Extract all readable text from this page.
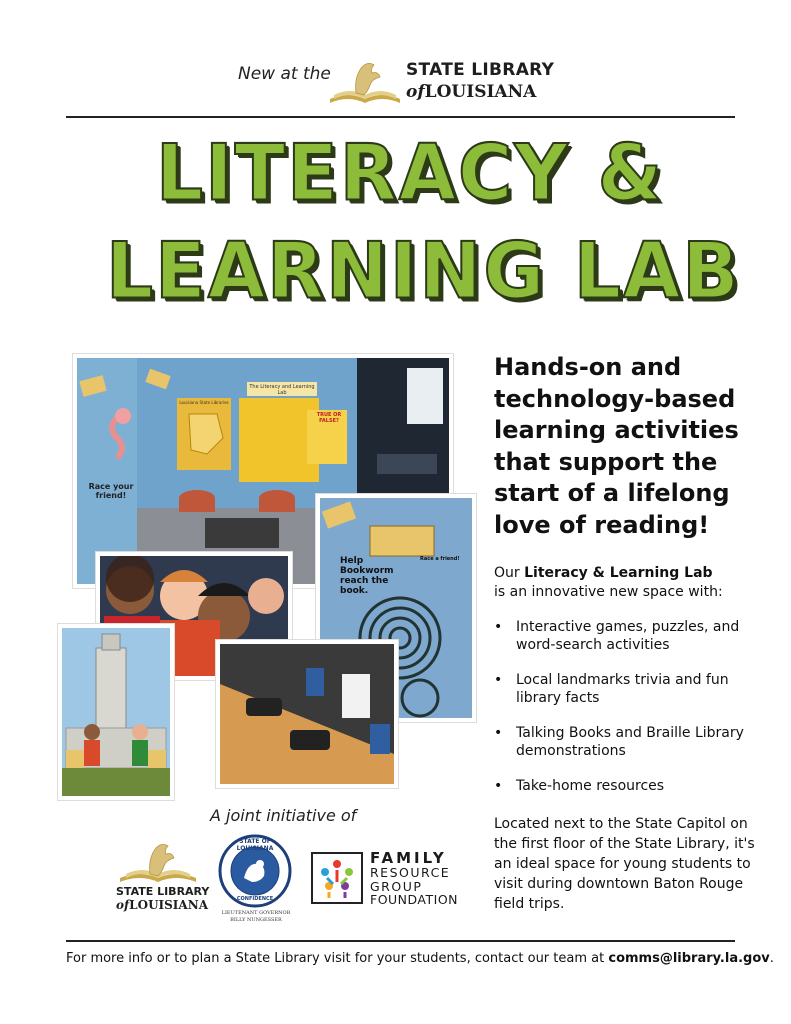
New at the	STATE LIBRARY
ofLOUISIANA
LITERACY &
LEARNING LAB
The Literacy and Learning Lab
Louisiana State Libraries
TRUE OR FALSE?
Race your friend!
Help Bookworm reach the book.
Race a friend!
Hands-on and technology-based learning activities that support the start of a lifelong love of reading!
Our Literacy & Learning Lab
is an innovative new space with:
• Interactive games, puzzles, and word-search activities
• Local landmarks trivia and fun library facts
• Talking Books and Braille Library demonstrations
• Take-home resources
Located next to the State Capitol on the first floor of the State Library, it's an ideal space for young students to visit during downtown Baton Rouge field trips.
A joint initiative of
STATE LIBRARY
ofLOUISIANA
STATE OF LOUISIANA
CONFIDENCE
LIEUTENANT GOVERNOR
BILLY NUNGESSER
FAMILY
RESOURCE
GROUP
FOUNDATION
For more info or to plan a State Library visit for your students, contact our team at comms@library.la.gov.
